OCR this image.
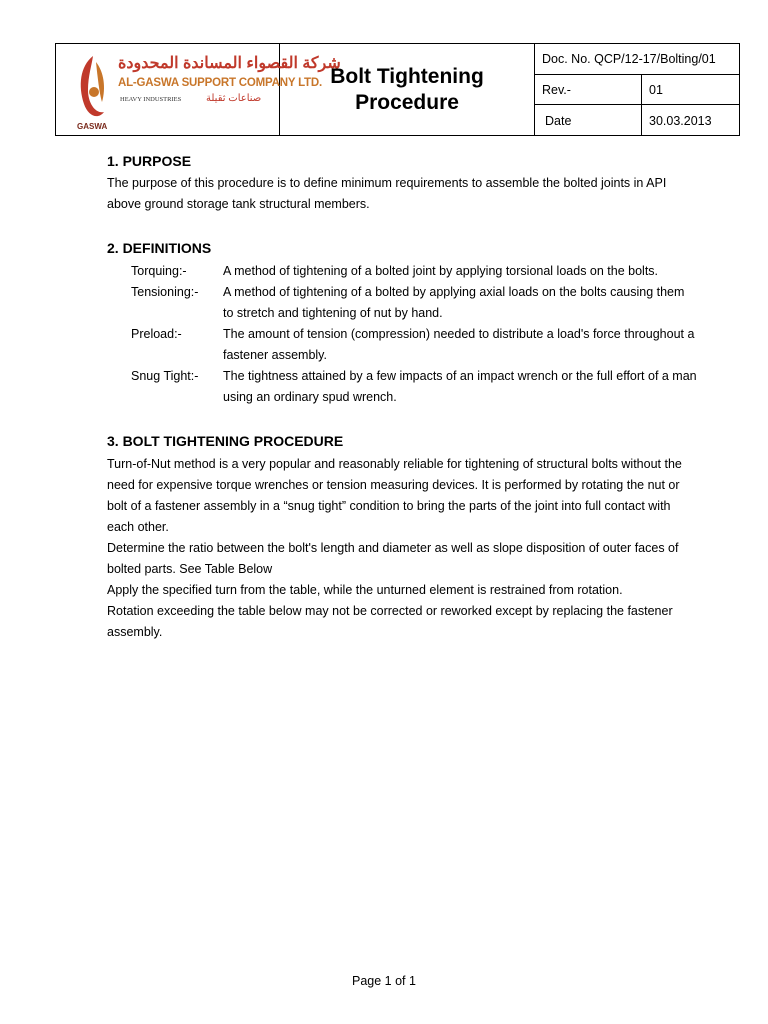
شركة القصواء المساندة المحدودة
AL-GASWA SUPPORT COMPANY LTD.
HEAVY INDUSTRIES صناعات ثقيلة
GASWA
Bolt Tightening
Procedure
Doc. No. QCP/12-17/Bolting/01
Rev.-	01
Date	30.03.2013
1. PURPOSE
The purpose of this procedure is to define minimum requirements to assemble the bolted joints in API
above ground storage tank structural members.
2. DEFINITIONS
Torquing:-	A method of tightening of a bolted joint by applying torsional loads on the bolts.
Tensioning:- A method of tightening of a bolted by applying axial loads on the bolts causing them
to stretch and tightening of nut by hand.
Preload:-	The amount of tension (compression) needed to distribute a load's force throughout a
fastener assembly.
Snug Tight:- The tightness attained by a few impacts of an impact wrench or the full effort of a man
using an ordinary spud wrench.
3. BOLT TIGHTENING PROCEDURE
Turn-of-Nut method is a very popular and reasonably reliable for tightening of structural bolts without the
need for expensive torque wrenches or tension measuring devices. It is performed by rotating the nut or
bolt of a fastener assembly in a “snug tight” condition to bring the parts of the joint into full contact with
each other.
Determine the ratio between the bolt's length and diameter as well as slope disposition of outer faces of
bolted parts. See Table Below
Apply the specified turn from the table, while the unturned element is restrained from rotation.
Rotation exceeding the table below may not be corrected or reworked except by replacing the fastener
assembly.
Page 1 of 1
